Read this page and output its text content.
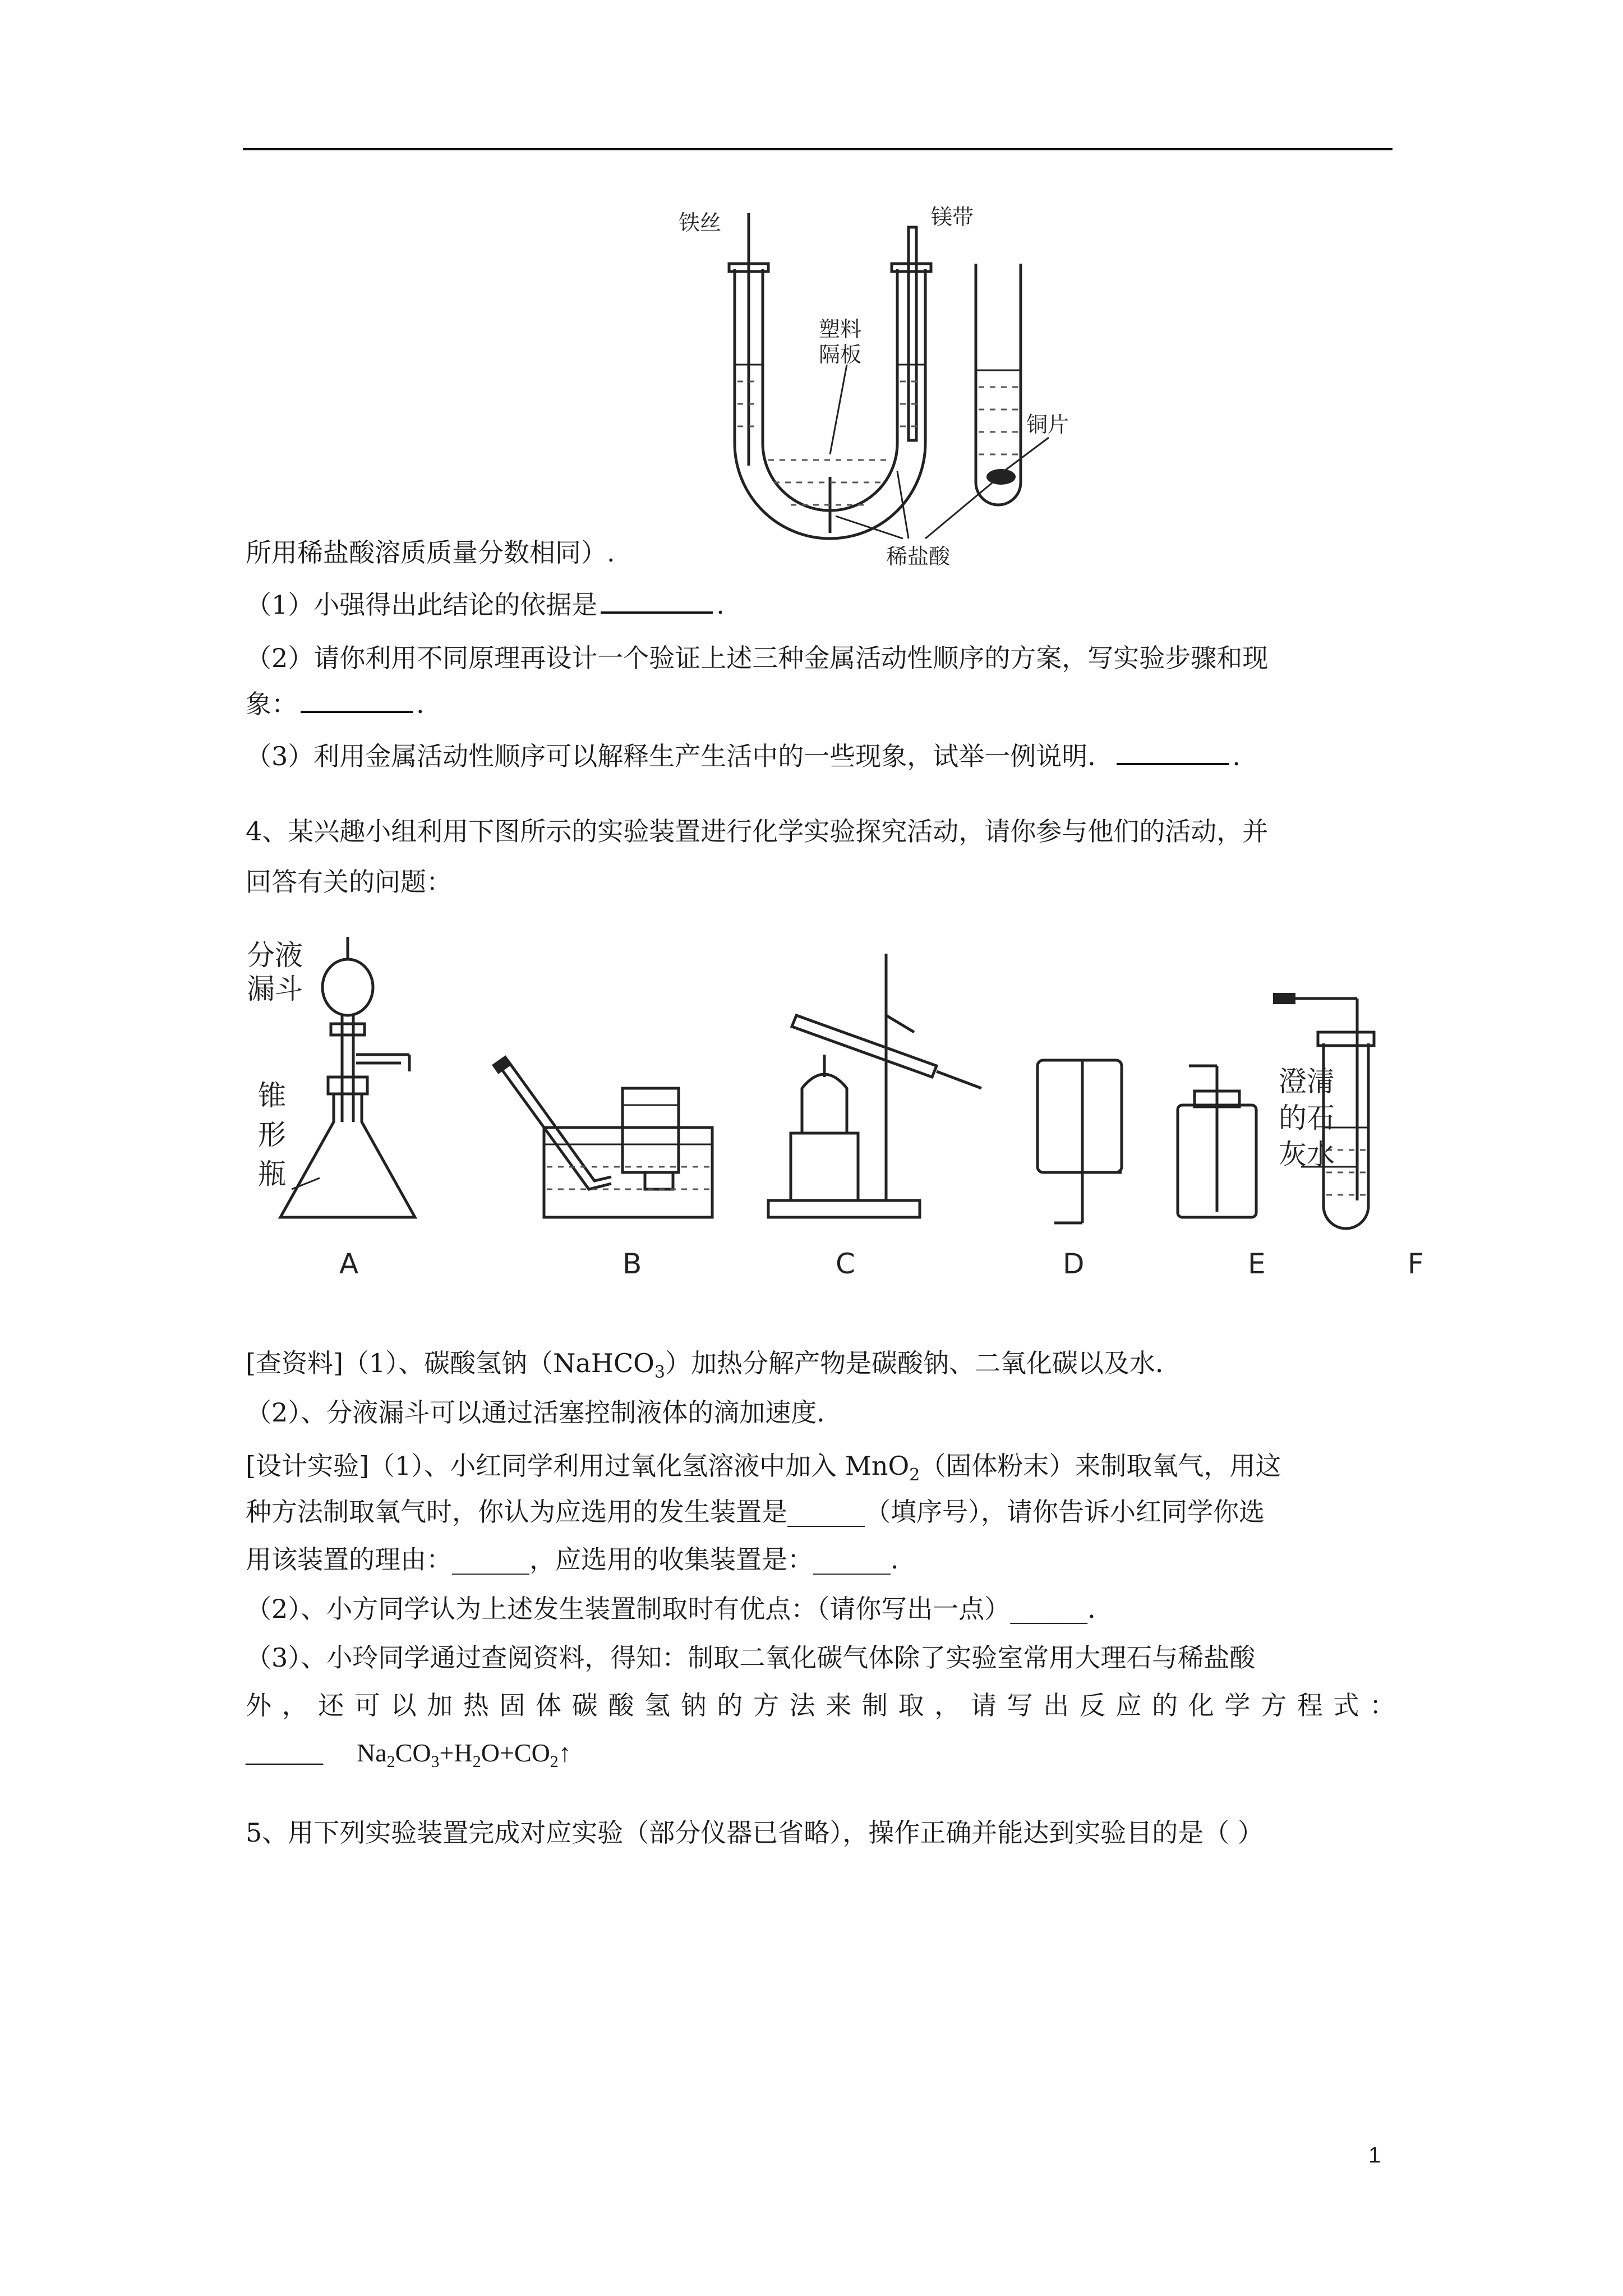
铁丝	镁带
塑料
隔板
铜片
稀盐酸
所用稀盐酸溶质质量分数相同）.
（1）小强得出此结论的依据是	.
（2）请你利用不同原理再设计一个验证上述三种金属活动性顺序的方案，写实验步骤和现
象：	.
（3）利用金属活动性顺序可以解释生产生活中的一些现象，试举一例说明．	.
4、某兴趣小组利用下图所示的实验装置进行化学实验探究活动，请你参与他们的活动，并
回答有关的问题：
分液
漏斗
锥
形
瓶
澄清
的石
灰水
A	B	C	D	E	F
[查资料]（1）、碳酸氢钠（NaHCO$_3$）加热分解产物是碳酸钠、二氧化碳以及水．
（2）、分液漏斗可以通过活塞控制液体的滴加速度．
[设计实验]（1）、小红同学利用过氧化氢溶液中加入 MnO$_2$（固体粉末）来制取氧气，用这
种方法制取氧气时，你认为应选用的发生装置是______（填序号），请你告诉小红同学你选
用该装置的理由：______，应选用的收集装置是：______．
（2）、小方同学认为上述发生装置制取时有优点：（请你写出一点）______．
（3）、小玲同学通过查阅资料，得知：制取二氧化碳气体除了实验室常用大理石与稀盐酸
外，还可以加热固体碳酸氢钠的方法来制取，请写出反应的化学方程式：
______ $Na_2CO_3+H_2O+CO_2↑$
5、用下列实验装置完成对应实验（部分仪器已省略），操作正确并能达到实验目的是（ ）
1
